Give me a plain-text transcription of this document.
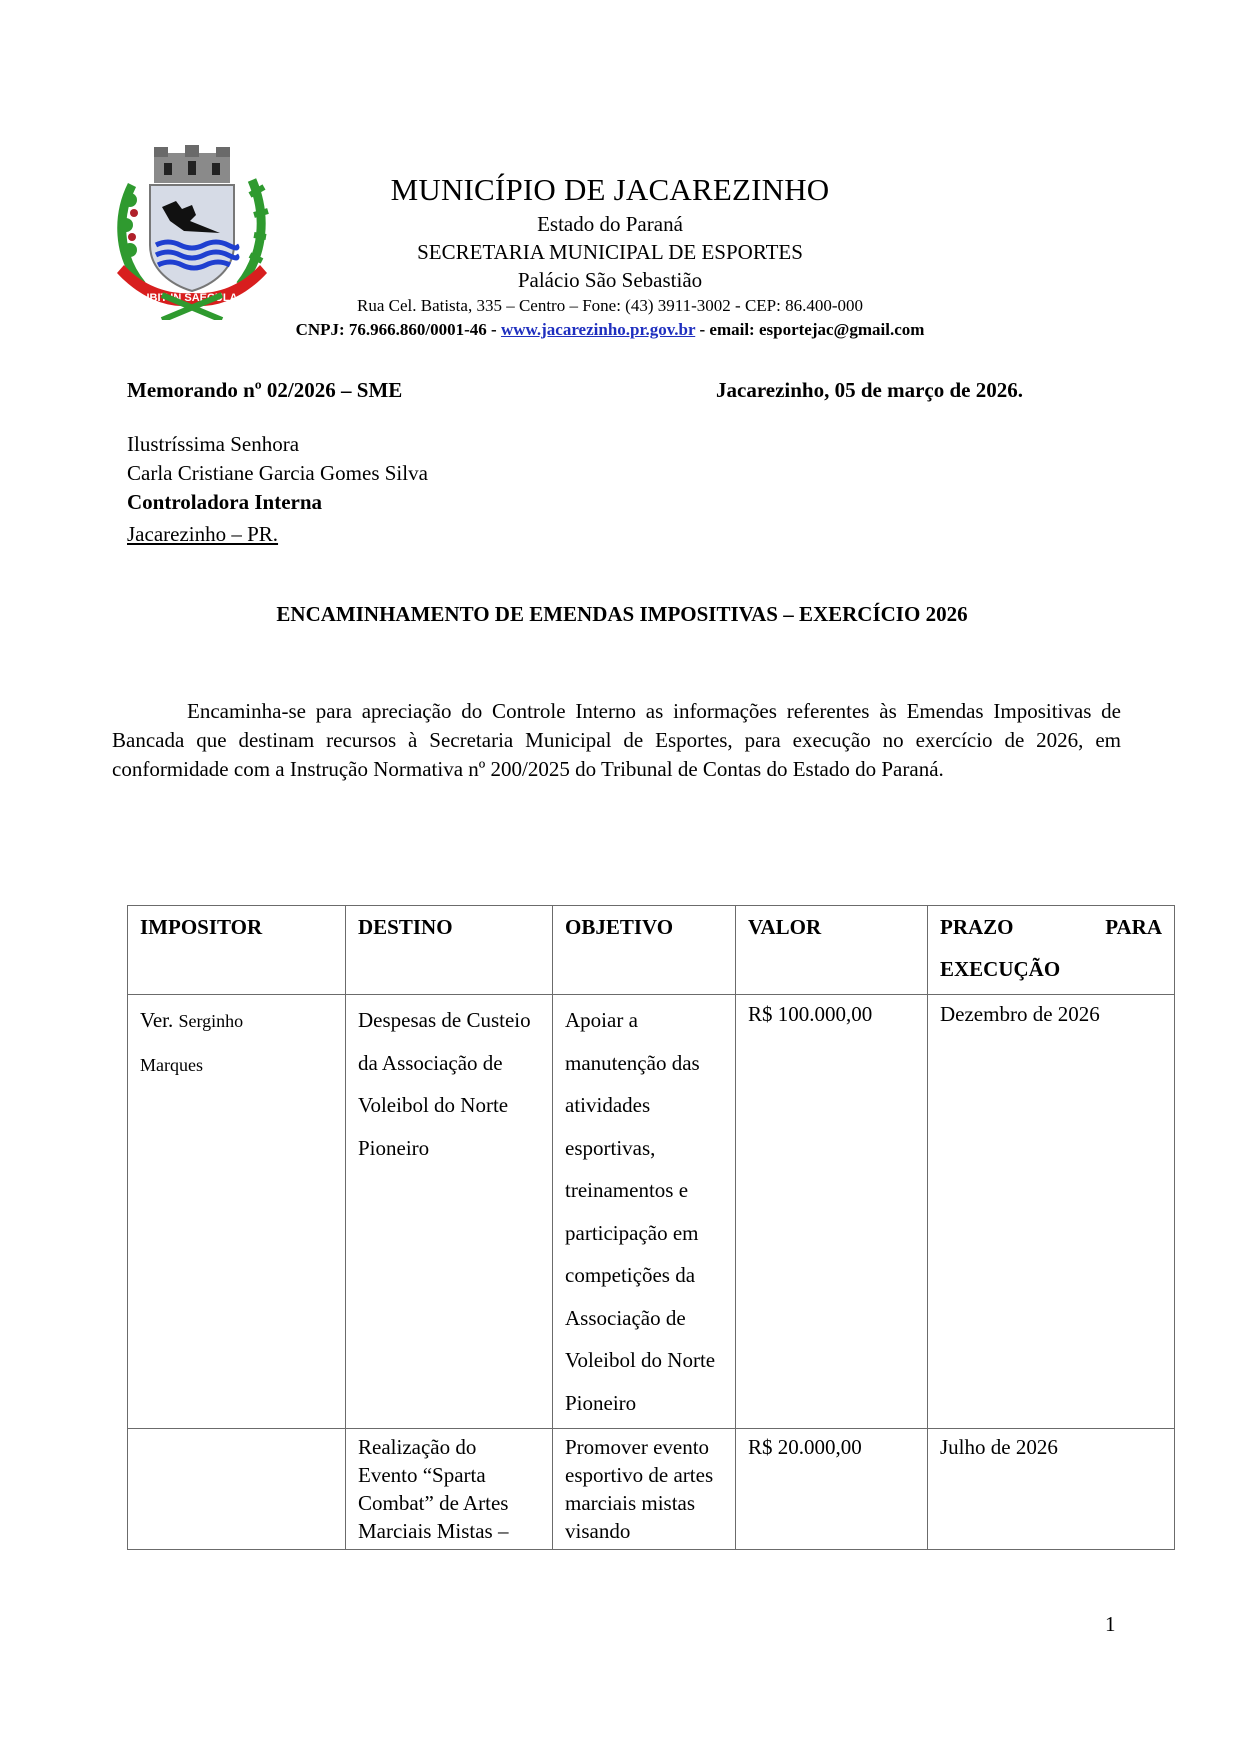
IBIT IN SAECULA
MUNICÍPIO DE JACAREZINHO
Estado do Paraná
SECRETARIA MUNICIPAL DE ESPORTES
Palácio São Sebastião
Rua Cel. Batista, 335 – Centro – Fone: (43) 3911-3002 - CEP: 86.400-000
CNPJ: 76.966.860/0001-46 - www.jacarezinho.pr.gov.br - email: esportejac@gmail.com
Memorando nº 02/2026 – SME	Jacarezinho, 05 de março de 2026.
Ilustríssima Senhora
Carla Cristiane Garcia Gomes Silva
Controladora Interna
Jacarezinho – PR.
ENCAMINHAMENTO DE EMENDAS IMPOSITIVAS – EXERCÍCIO 2026

Encaminha-se para apreciação do Controle Interno as informações referentes às Emendas Impositivas de Bancada que destinam recursos à Secretaria Municipal de Esportes, para execução no exercício de 2026, em conformidade com a Instrução Normativa nº 200/2025 do Tribunal de Contas do Estado do Paraná.

IMPOSITOR	DESTINO	OBJETIVO	VALOR	PRAZO PARA
EXECUÇÃO

Ver. Serginho
Marques	Despesas de Custeio da Associação de Voleibol do Norte Pioneiro	Apoiar a manutenção das atividades esportivas, treinamentos e participação em competições da Associação de Voleibol do Norte Pioneiro	R$ 100.000,00	Dezembro de 2026
	Realização do Evento “Sparta Combat” de Artes Marciais Mistas –	Promover evento esportivo de artes marciais mistas visando	R$ 20.000,00	Julho de 2026
1
